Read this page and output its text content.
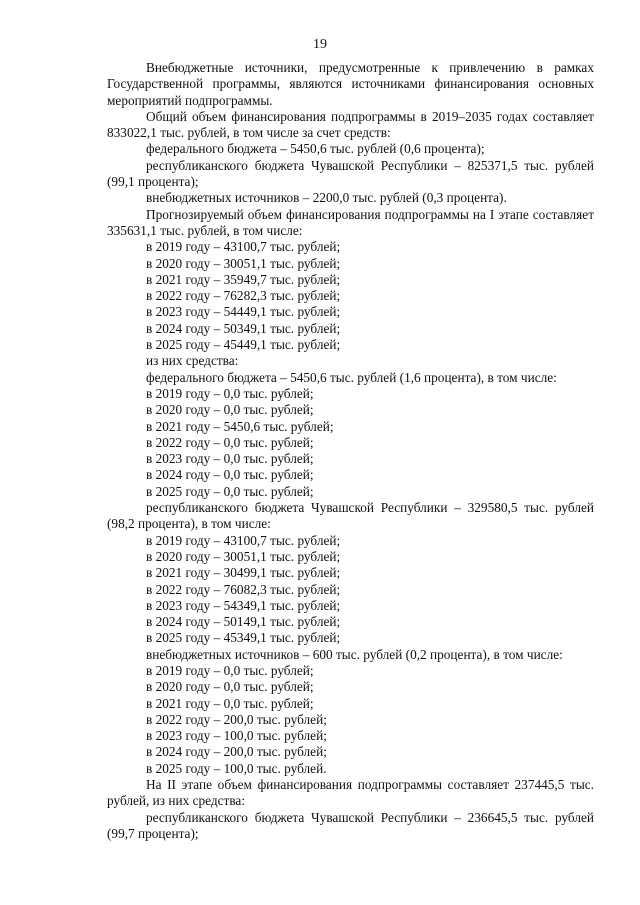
19

Внебюджетные источники, предусмотренные к привлечению в рамках Государственной программы, являются источниками финансирования основных мероприятий подпрограммы.

Общий объем финансирования подпрограммы в 2019–2035 годах составляет 833022,1 тыс. рублей, в том числе за счет средств:

федерального бюджета – 5450,6 тыс. рублей (0,6 процента);

республиканского бюджета Чувашской Республики – 825371,5 тыс. рублей (99,1 процента);

внебюджетных источников – 2200,0 тыс. рублей (0,3 процента).

Прогнозируемый объем финансирования подпрограммы на I этапе составляет 335631,1 тыс. рублей, в том числе:

в 2019 году – 43100,7 тыс. рублей;

в 2020 году – 30051,1 тыс. рублей;

в 2021 году – 35949,7 тыс. рублей;

в 2022 году – 76282,3 тыс. рублей;

в 2023 году – 54449,1 тыс. рублей;

в 2024 году – 50349,1 тыс. рублей;

в 2025 году – 45449,1 тыс. рублей;

из них средства:

федерального бюджета – 5450,6 тыс. рублей (1,6 процента), в том числе:

в 2019 году – 0,0 тыс. рублей;

в 2020 году – 0,0 тыс. рублей;

в 2021 году – 5450,6 тыс. рублей;

в 2022 году – 0,0 тыс. рублей;

в 2023 году – 0,0 тыс. рублей;

в 2024 году – 0,0 тыс. рублей;

в 2025 году – 0,0 тыс. рублей;

республиканского бюджета Чувашской Республики – 329580,5 тыс. рублей (98,2 процента), в том числе:

в 2019 году – 43100,7 тыс. рублей;

в 2020 году – 30051,1 тыс. рублей;

в 2021 году – 30499,1 тыс. рублей;

в 2022 году – 76082,3 тыс. рублей;

в 2023 году – 54349,1 тыс. рублей;

в 2024 году – 50149,1 тыс. рублей;

в 2025 году – 45349,1 тыс. рублей;

внебюджетных источников – 600 тыс. рублей (0,2 процента), в том числе:

в 2019 году – 0,0 тыс. рублей;

в 2020 году – 0,0 тыс. рублей;

в 2021 году – 0,0 тыс. рублей;

в 2022 году – 200,0 тыс. рублей;

в 2023 году – 100,0 тыс. рублей;

в 2024 году – 200,0 тыс. рублей;

в 2025 году – 100,0 тыс. рублей.

На II этапе объем финансирования подпрограммы составляет 237445,5 тыс. рублей, из них средства:

республиканского бюджета Чувашской Республики – 236645,5 тыс. рублей (99,7 процента);
